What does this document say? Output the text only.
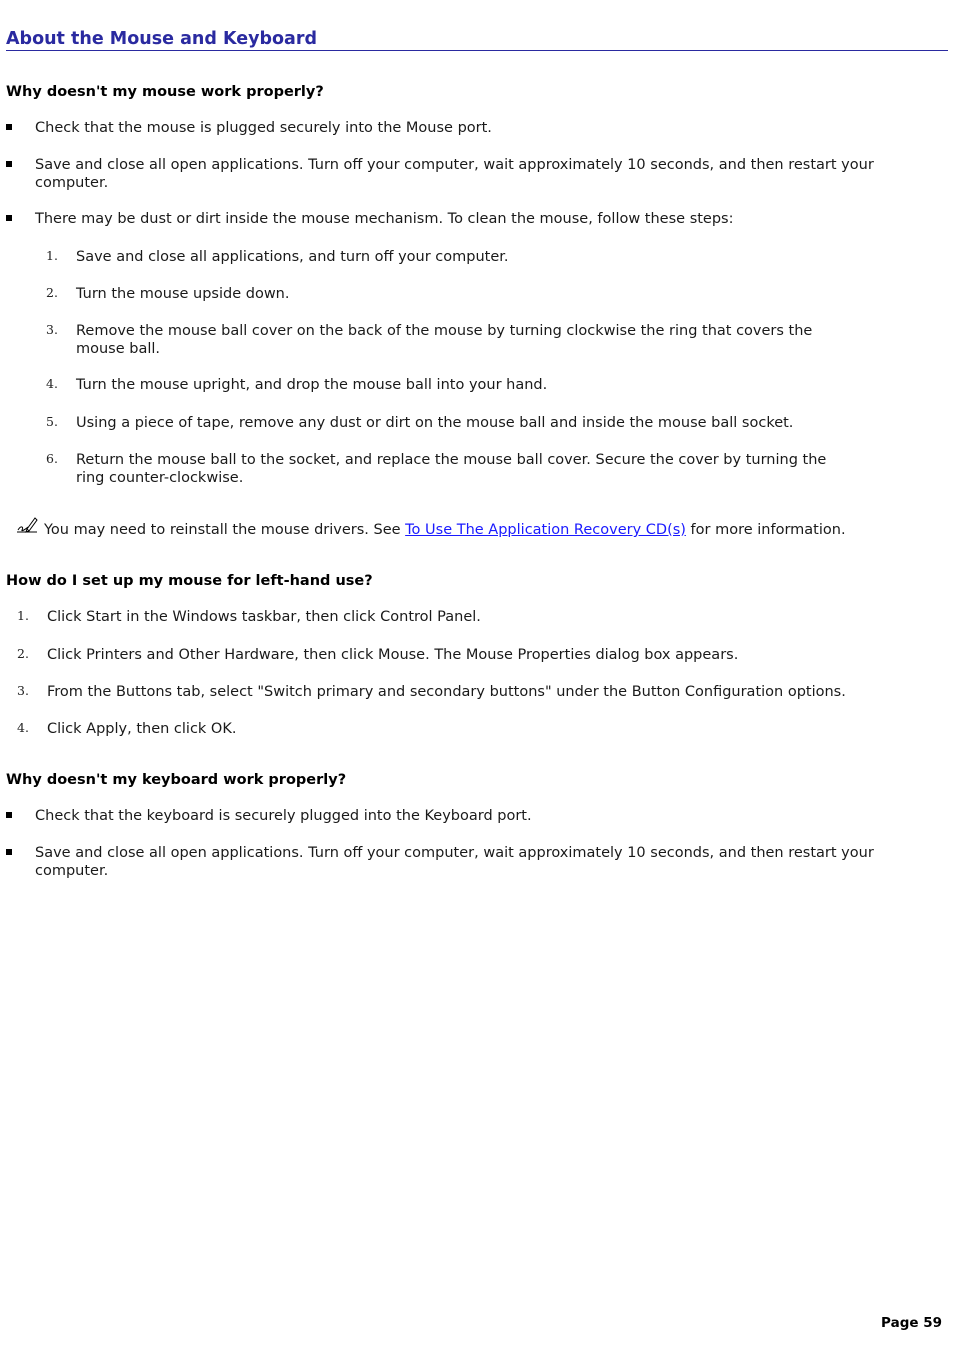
About the Mouse and Keyboard
Why doesn't my mouse work properly?
Check that the mouse is plugged securely into the Mouse port.
Save and close all open applications. Turn off your computer, wait approximately 10 seconds, and then restart your
computer.
There may be dust or dirt inside the mouse mechanism. To clean the mouse, follow these steps:
1. Save and close all applications, and turn off your computer.
2. Turn the mouse upside down.
3. Remove the mouse ball cover on the back of the mouse by turning clockwise the ring that covers the
mouse ball.
4. Turn the mouse upright, and drop the mouse ball into your hand.
5. Using a piece of tape, remove any dust or dirt on the mouse ball and inside the mouse ball socket.
6. Return the mouse ball to the socket, and replace the mouse ball cover. Secure the cover by turning the
ring counter-clockwise.
You may need to reinstall the mouse drivers. See To Use The Application Recovery CD(s) for more information.
How do I set up my mouse for left-hand use?
1. Click Start in the Windows taskbar, then click Control Panel.
2. Click Printers and Other Hardware, then click Mouse. The Mouse Properties dialog box appears.
3. From the Buttons tab, select "Switch primary and secondary buttons" under the Button Configuration options.
4. Click Apply, then click OK.
Why doesn't my keyboard work properly?
Check that the keyboard is securely plugged into the Keyboard port.
Save and close all open applications. Turn off your computer, wait approximately 10 seconds, and then restart your
computer.
Page 59
